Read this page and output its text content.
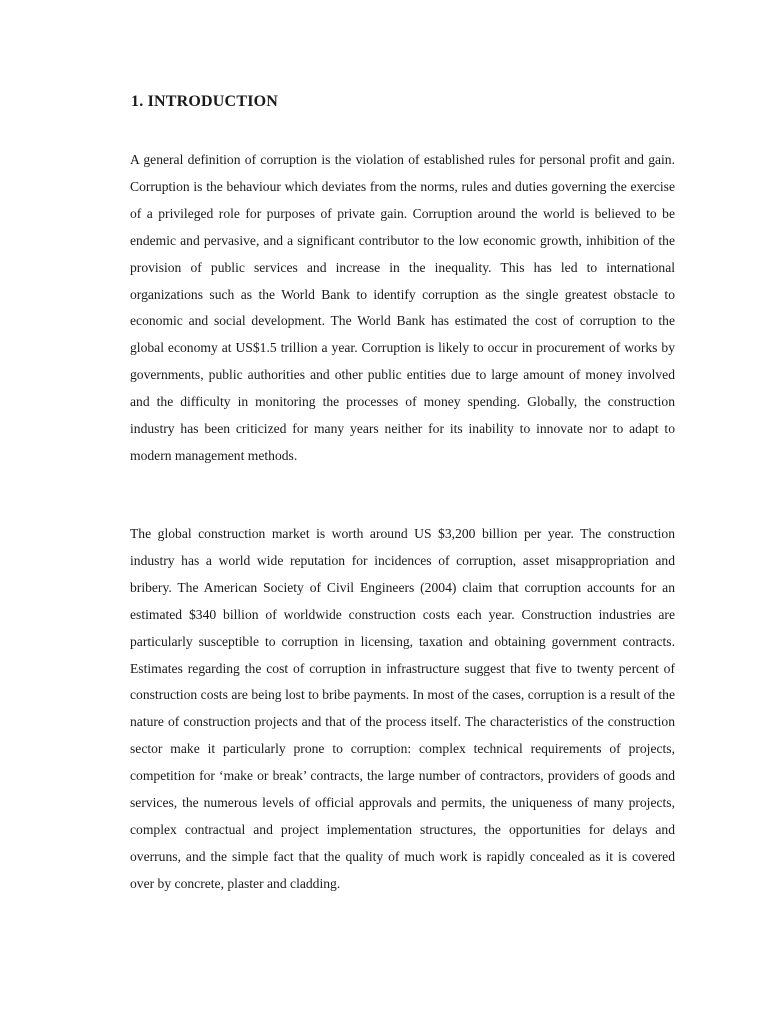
1. INTRODUCTION

A general definition of corruption is the violation of established rules for personal profit and gain. Corruption is the behaviour which deviates from the norms, rules and duties governing the exercise of a privileged role for purposes of private gain. Corruption around the world is believed to be endemic and pervasive, and a significant contributor to the low economic growth, inhibition of the provision of public services and increase in the inequality. This has led to international organizations such as the World Bank to identify corruption as the single greatest obstacle to economic and social development. The World Bank has estimated the cost of corruption to the global economy at US$1.5 trillion a year. Corruption is likely to occur in procurement of works by governments, public authorities and other public entities due to large amount of money involved and the difficulty in monitoring the processes of money spending. Globally, the construction industry has been criticized for many years neither for its inability to innovate nor to adapt to modern management methods.

The global construction market is worth around US $3,200 billion per year. The construction industry has a world wide reputation for incidences of corruption, asset misappropriation and bribery. The American Society of Civil Engineers (2004) claim that corruption accounts for an estimated $340 billion of worldwide construction costs each year. Construction industries are particularly susceptible to corruption in licensing, taxation and obtaining government contracts. Estimates regarding the cost of corruption in infrastructure suggest that five to twenty percent of construction costs are being lost to bribe payments. In most of the cases, corruption is a result of the nature of construction projects and that of the process itself. The characteristics of the construction sector make it particularly prone to corruption: complex technical requirements of projects, competition for ‘make or break’ contracts, the large number of contractors, providers of goods and services, the numerous levels of official approvals and permits, the uniqueness of many projects, complex contractual and project implementation structures, the opportunities for delays and overruns, and the simple fact that the quality of much work is rapidly concealed as it is covered over by concrete, plaster and cladding.
